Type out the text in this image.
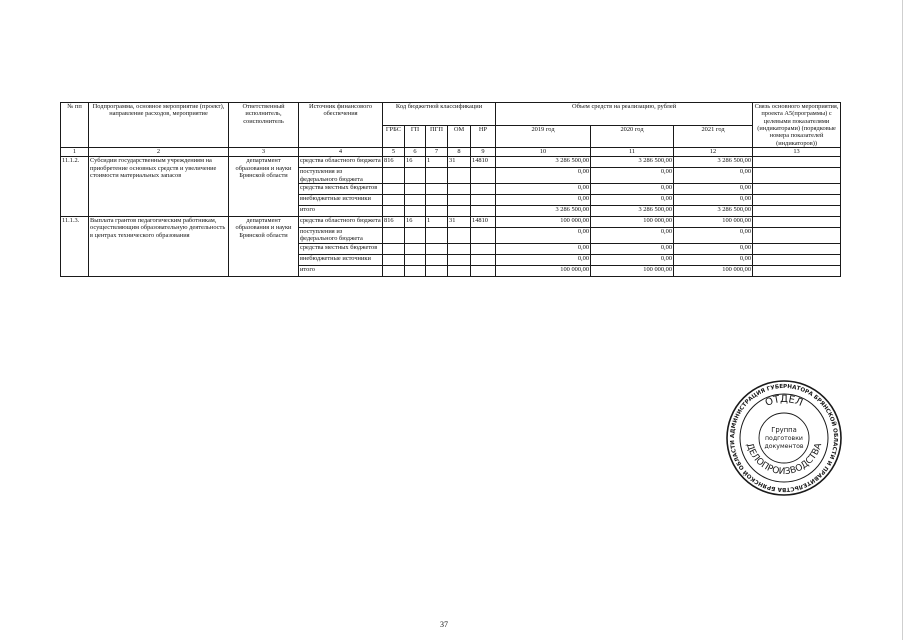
№ пп	Подпрограмма, основное мероприятие (проект), направление расходов, мероприятие	Ответственный исполнитель, соисполнитель	Источник финансового обеспечения	Код бюджетной классификации					Объем средств на реализацию, рублей			Связь основного мероприятия, проекта А5(программы) с целевыми показателями (индикаторами) (порядковые номера показателей (индикаторов))
				ГРБС	ГП	ПГП	ОМ	НР	2019 год	2020 год	2021 год	
1	2	3	4	5	6	7	8	9	10	11	12	13
11.1.2.	Субсидии государственным учреждениям на приобретение основных средств и увеличение стоимости материальных запасов	департамент образования и науки Брянской области	средства областного бюджета	816	16	1	31	14810	3 286 500,00	3 286 500,00	3 286 500,00	
			поступления из федерального бюджета						0,00	0,00	0,00	
			средства местных бюджетов						0,00	0,00	0,00	
			внебюджетные источники						0,00	0,00	0,00	
			итого						3 286 500,00	3 286 500,00	3 286 500,00	
11.1.3.	Выплата грантов педагогическим работникам, осуществляющим образовательную деятельность в центрах технического образования	департамент образования и науки Брянской области	средства областного бюджета	816	16	1	31	14810	100 000,00	100 000,00	100 000,00	
			поступления из федерального бюджета						0,00	0,00	0,00	
			средства местных бюджетов						0,00	0,00	0,00	
			внебюджетные источники						0,00	0,00	0,00	
			итого						100 000,00	100 000,00	100 000,00	
АДМИНИСТРАЦИЯ ГУБЕРНАТОРА БРЯНСКОЙ ОБЛАСТИ И ПРАВИТЕЛЬСТВА БРЯНСКОЙ ОБЛАСТИ
ОТДЕЛ
ДЕЛОПРОИЗВОДСТВА
Группа
подготовки
документов
37
